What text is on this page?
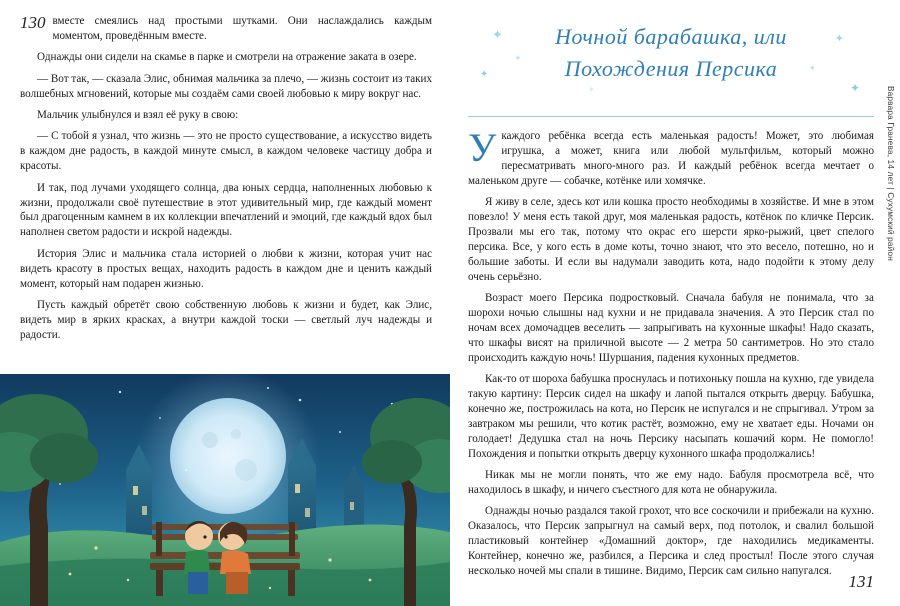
130 вместе смеялись над простыми шутками. Они наслаждались каждым моментом, проведённым вместе.

Однажды они сидели на скамье в парке и смотрели на отражение заката в озере.

— Вот так, — сказала Элис, обнимая мальчика за плечо, — жизнь состоит из таких волшебных мгновений, которые мы создаём сами своей любовью к миру вокруг нас.

Мальчик улыбнулся и взял её руку в свою:

— С тобой я узнал, что жизнь — это не просто существование, а искусство видеть в каждом дне радость, в каждой минуте смысл, в каждом человеке частицу добра и красоты.

И так, под лучами уходящего солнца, два юных сердца, наполненных любовью к жизни, продолжали своё путешествие в этот удивительный мир, где каждый момент был драгоценным камнем в их коллекции впечатлений и эмоций, где каждый вдох был наполнен светом радости и искрой надежды.

История Элис и мальчика стала историей о любви к жизни, которая учит нас видеть красоту в простых вещах, находить радость в каждом дне и ценить каждый момент, который нам подарен жизнью.

Пусть каждый обретёт свою собственную любовь к жизни и будет, как Элис, видеть мир в ярких красках, а внутри каждой тоски — светлый луч надежды и радости.

✦
✦
✦
✦
✦
✦
✦
Ночной барабашка, или
Похождения Персика
Варвара Гранева, 14 лет | Сухумский район

Укаждого ребёнка всегда есть маленькая радость! Может, это любимая игрушка, а может, книга или любой мультфильм, который можно пересматривать много-много раз. И каждый ребёнок всегда мечтает о маленьком друге — собачке, котёнке или хомячке.

Я живу в селе, здесь кот или кошка просто необходимы в хозяйстве. И мне в этом повезло! У меня есть такой друг, моя маленькая радость, котёнок по кличке Персик. Прозвали мы его так, потому что окрас его шерсти ярко-рыжий, цвет спелого персика. Все, у кого есть в доме коты, точно знают, что это весело, потешно, но и большие заботы. И если вы надумали заводить кота, надо подойти к этому делу очень серьёзно.

Возраст моего Персика подростковый. Сначала бабуля не понимала, что за шорохи ночью слышны над кухни и не придавала значения. А это Персик стал по ночам всех домочадцев веселить — запрыгивать на кухонные шкафы! Надо сказать, что шкафы висят на приличной высоте — 2 метра 50 сантиметров. Но это стало происходить каждую ночь! Шуршания, падения кухонных предметов.

Как-то от шороха бабушка проснулась и потихоньку пошла на кухню, где увидела такую картину: Персик сидел на шкафу и лапой пытался открыть дверцу. Бабушка, конечно же, построжилась на кота, но Персик не испугался и не спрыгивал. Утром за завтраком мы решили, что котик растёт, возможно, ему не хватает еды. Ночами он голодает! Дедушка стал на ночь Персику насыпать кошачий корм. Не помогло! Похождения и попытки открыть дверцу кухонного шкафа продолжались!

Никак мы не могли понять, что же ему надо. Бабуля просмотрела всё, что находилось в шкафу, и ничего съестного для кота не обнаружила.

Однажды ночью раздался такой грохот, что все соскочили и прибежали на кухню. Оказалось, что Персик запрыгнул на самый верх, под потолок, и свалил большой пластиковый контейнер «Домашний доктор», где находились медикаменты. Контейнер, конечно же, разбился, а Персика и след простыл! После этого случая несколько ночей мы спали в тишине. Видимо, Персик сам сильно напугался.

131
